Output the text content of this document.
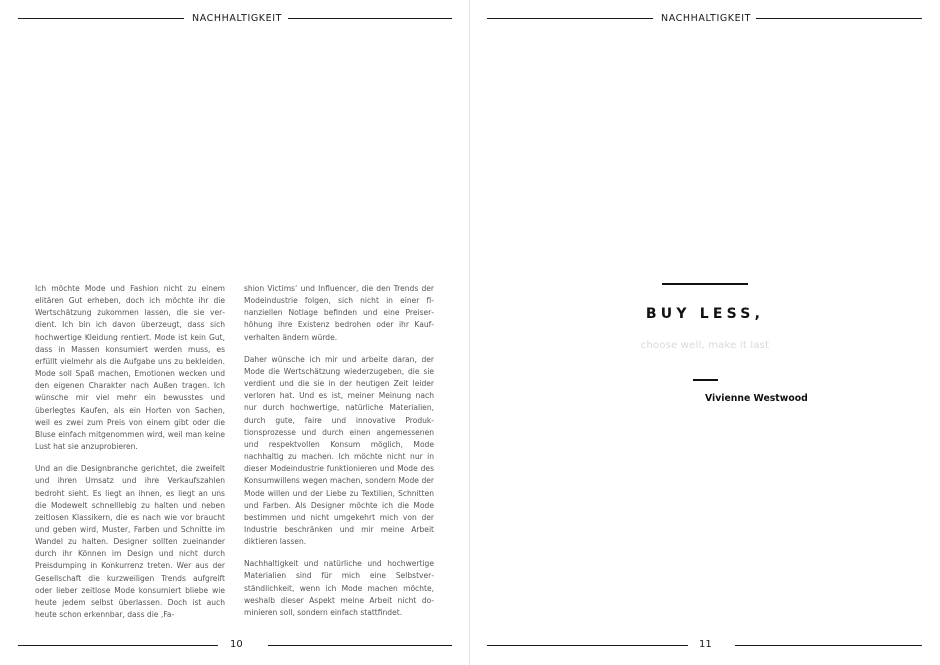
NACHHALTIGKEIT

Ich möchte Mode und Fashion nicht zu einem elitären Gut erheben, doch ich möchte ihr die Wertschätzung zukommen lassen, die sie verdient. Ich bin ich davon überzeugt, dass sich hochwertige Kleidung rentiert. Mode ist kein Gut, dass in Massen konsumiert werden muss, es erfüllt vielmehr als die Aufgabe uns zu bekleiden. Mode soll Spaß machen, Emotionen wecken und den eigenen Charakter nach Außen tragen. Ich wünsche mir viel mehr ein bewusstes und überlegtes Kaufen, als ein Horten von Sachen, weil es zwei zum Preis von einem gibt oder die Bluse einfach mitgenommen wird, weil man keine Lust hat sie anzuprobieren.

Und an die Designbranche gerichtet, die zweifelt und ihren Umsatz und ihre Verkaufszahlen bedroht sieht. Es liegt an ihnen, es liegt an uns die Modewelt schnelllebig zu halten und neben zeitlosen Klassikern, die es nach wie vor braucht und geben wird, Muster, Farben und Schnitte im Wandel zu halten. Designer sollten zueinander durch ihr Können im Design und nicht durch Preisdumping in Konkurrenz treten. Wer aus der Gesellschaft die kurzweiligen Trends aufgreift oder lieber zeitlose Mode konsumiert bliebe wie heute jedem selbst überlassen. Doch ist auch heute schon erkennbar, dass die ‚Fa-

shion Victims‘ und Influencer, die den Trends der Modeindustrie folgen, sich nicht in einer finanziellen Notlage befinden und eine Preiserhöhung ihre Existenz bedrohen oder ihr Kaufverhalten ändern würde.

Daher wünsche ich mir und arbeite daran, der Mode die Wertschätzung wiederzugeben, die sie verdient und die sie in der heutigen Zeit leider verloren hat. Und es ist, meiner Meinung nach nur durch hochwertige, natürliche Materialien, durch gute, faire und innovative Produktionsprozesse und durch einen angemessenen und respektvollen Konsum möglich, Mode nachhaltig zu machen. Ich möchte nicht nur in dieser Modeindustrie funktionieren und Mode des Konsumwillens wegen machen, sondern Mode der Mode willen und der Liebe zu Textilien, Schnitten und Farben. Als Designer möchte ich die Mode bestimmen und nicht umgekehrt mich von der Industrie beschränken und mir meine Arbeit diktieren lassen.

Nachhaltigkeit und natürliche und hochwertige Materialien sind für mich eine Selbstverständlichkeit, wenn ich Mode machen möchte, weshalb dieser Aspekt meine Arbeit nicht dominieren soll, sondern einfach stattfindet.

10
NACHHALTIGKEIT
11
BUY LESS,
choose well, make it last
Vivienne Westwood
